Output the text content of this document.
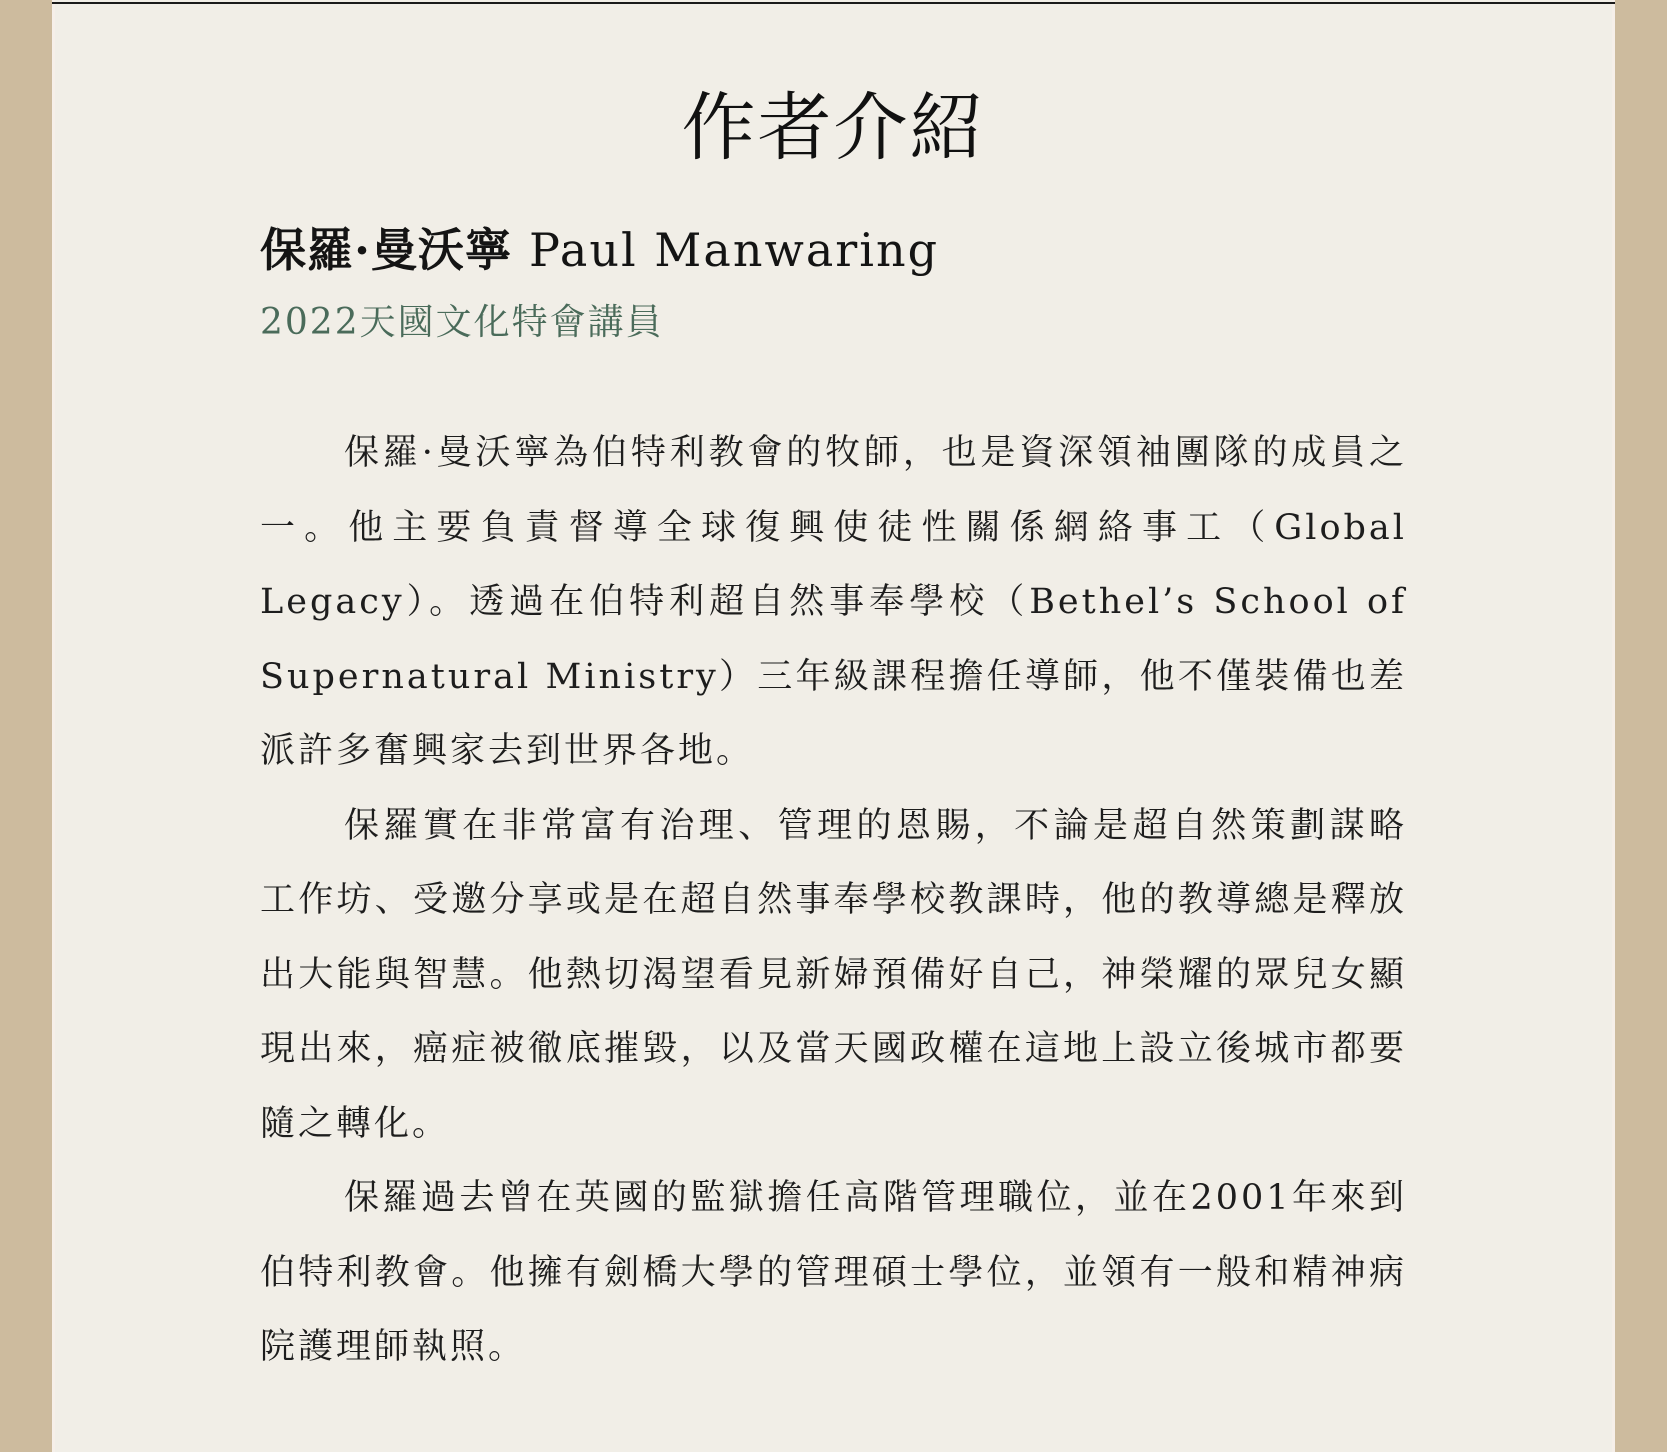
作者介紹
保羅·曼沃寧 Paul Manwaring
2022天國文化特會講員

保羅·曼沃寧為伯特利教會的牧師，也是資深領袖團隊的成員之一。他主要負責督導全球復興使徒性關係網絡事工（Global Legacy）。透過在伯特利超自然事奉學校（Bethel’s School of Supernatural Ministry）三年級課程擔任導師，他不僅裝備也差派許多奮興家去到世界各地。

保羅實在非常富有治理、管理的恩賜，不論是超自然策劃謀略工作坊、受邀分享或是在超自然事奉學校教課時，他的教導總是釋放出大能與智慧。他熱切渴望看見新婦預備好自己，神榮耀的眾兒女顯現出來，癌症被徹底摧毀，以及當天國政權在這地上設立後城市都要隨之轉化。

保羅過去曾在英國的監獄擔任高階管理職位，並在2001年來到伯特利教會。他擁有劍橋大學的管理碩士學位，並領有一般和精神病院護理師執照。
